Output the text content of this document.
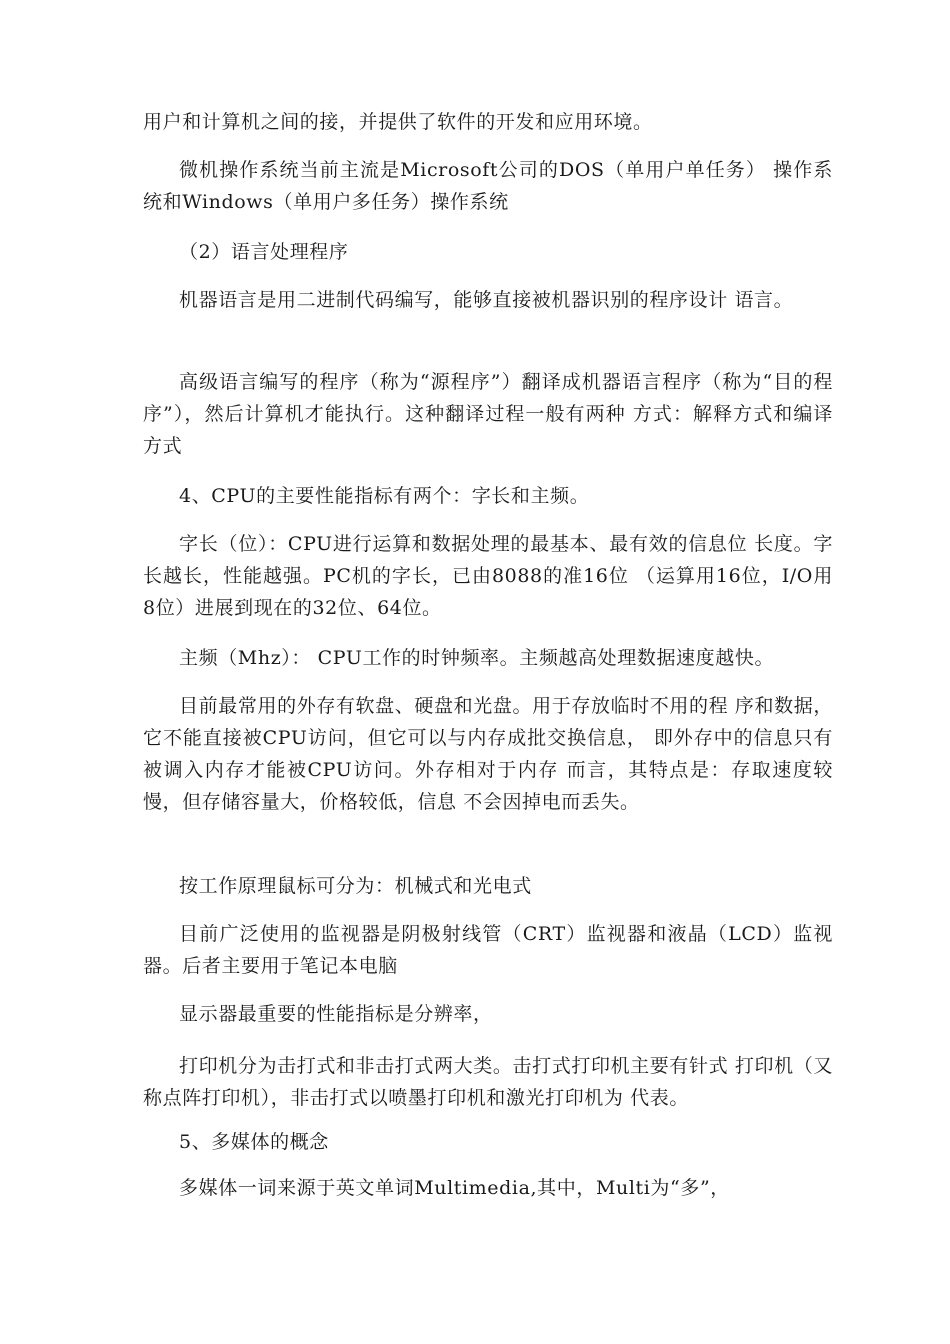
用户和计算机之间的接，并提供了软件的开发和应用环境。

微机操作系统当前主流是Microsoft公司的DOS（单用户单任务） 操作系统和Windows（单用户多任务）操作系统

（2）语言处理程序

机器语言是用二进制代码编写，能够直接被机器识别的程序设计 语言。

高级语言编写的程序（称为“源程序”）翻译成机器语言程序（称为“目的程序”），然后计算机才能执行。这种翻译过程一般有两种 方式：解释方式和编译方式

4、CPU的主要性能指标有两个：字长和主频。

字长（位）：CPU进行运算和数据处理的最基本、最有效的信息位 长度。字长越长，性能越强。PC机的字长，已由8088的准16位 （运算用16位，I/O用8位）进展到现在的32位、64位。

主频（Mhz）： CPU工作的时钟频率。主频越高处理数据速度越快。

目前最常用的外存有软盘、硬盘和光盘。用于存放临时不用的程 序和数据，它不能直接被CPU访问，但它可以与内存成批交换信息， 即外存中的信息只有被调入内存才能被CPU访问。外存相对于内存 而言，其特点是：存取速度较慢，但存储容量大，价格较低，信息 不会因掉电而丢失。

按工作原理鼠标可分为：机械式和光电式

目前广泛使用的监视器是阴极射线管（CRT）监视器和液晶（LCD）监视器。后者主要用于笔记本电脑

显示器最重要的性能指标是分辨率，

打印机分为击打式和非击打式两大类。击打式打印机主要有针式 打印机（又称点阵打印机），非击打式以喷墨打印机和激光打印机为 代表。

5、多媒体的概念

多媒体一词来源于英文单词Multimedia,其中，Multi为“多”，
